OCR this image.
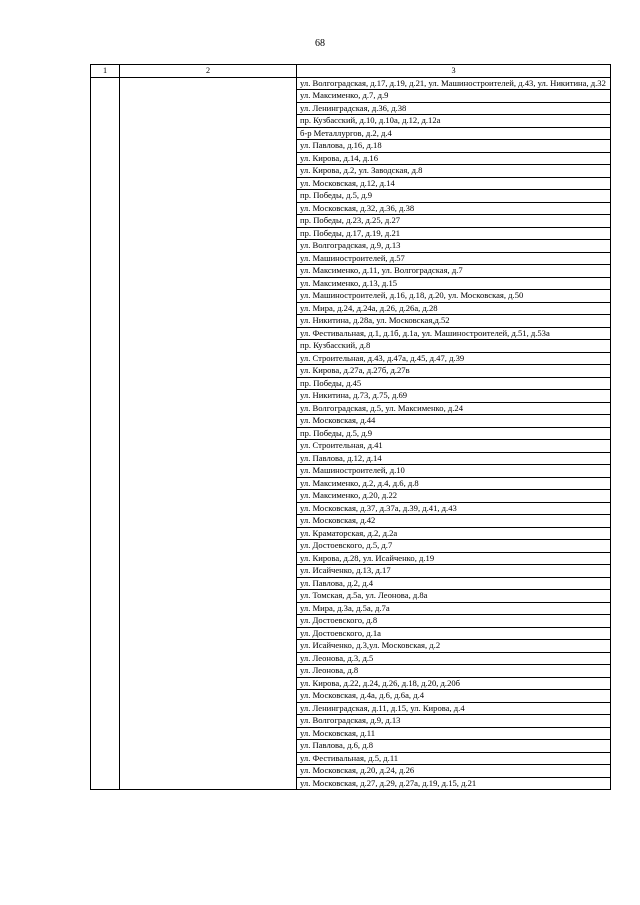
68
1	2	3
		ул. Волгоградская, д.17, д.19, д.21, ул. Машиностроителей, д.43, ул. Никитина, д.32
		ул. Максименко, д.7, д.9
		ул. Ленинградская, д.36, д.38
		пр. Кузбасский, д.10, д.10а, д.12, д.12а
		б-р Металлургов, д.2, д.4
		ул. Павлова, д.16, д.18
		ул. Кирова, д.14, д.16
		ул. Кирова, д.2, ул. Заводская, д.8
		ул. Московская, д.12, д.14
		пр. Победы, д.5, д.9
		ул. Московская, д.32, д.36, д.38
		пр. Победы, д.23, д.25, д.27
		пр. Победы, д.17, д.19, д.21
		ул. Волгоградская, д.9, д.13
		ул. Машиностроителей, д.57
		ул. Максименко, д.11, ул. Волгоградская, д.7
		ул. Максименко, д.13, д.15
		ул. Машиностроителей, д.16, д.18, д.20, ул. Московская, д.50
		ул. Мира, д.24, д.24а, д.26, д.26а, д.28
		ул. Никитина, д.28а, ул. Московская,д.52
		ул. Фестивальная, д.1, д.1б, д.1а, ул. Машиностроителей, д.51, д.53а
		пр. Кузбасский, д.8
		ул. Строительная, д.43, д.47а, д.45, д.47, д.39
		ул. Кирова, д.27а, д.27б, д.27в
		пр. Победы, д.45
		ул. Никитина, д.73, д.75, д.69
		ул. Волгоградская, д.5, ул. Максименко, д.24
		ул. Московская, д.44
		пр. Победы, д.5, д.9
		ул. Строительная, д.41
		ул. Павлова, д.12, д.14
		ул. Машиностроителей, д.10
		ул. Максименко, д.2, д.4, д.6, д.8
		ул. Максименко, д.20, д.22
		ул. Московская, д.37, д.37а, д.39, д.41, д.43
		ул. Московская, д.42
		ул. Краматорская, д.2, д.2а
		ул. Достоевского, д.5, д.7
		ул. Кирова, д.28, ул. Исайченко, д.19
		ул. Исайченко, д.13, д.17
		ул. Павлова, д.2, д.4
		ул. Томская, д.5а, ул. Леонова, д.8а
		ул. Мира, д.3а, д.5а, д.7а
		ул. Достоевского, д.8
		ул. Достоевского, д.1а
		ул. Исайченко, д.3,ул. Московская, д.2
		ул. Леонова, д.3, д.5
		ул. Леонова, д.8
		ул. Кирова, д.22, д.24, д.26, д.18, д.20, д.20б
		ул. Московская, д.4а, д.6, д.6а, д.4
		ул. Ленинградская, д.11, д.15, ул. Кирова, д.4
		ул. Волгоградская, д.9, д.13
		ул. Московская, д.11
		ул. Павлова, д.6, д.8
		ул. Фестивальная, д.5, д.11
		ул. Московская, д.20, д.24, д.26
		ул. Московская, д.27, д.29, д.27а, д.19, д.15, д.21
